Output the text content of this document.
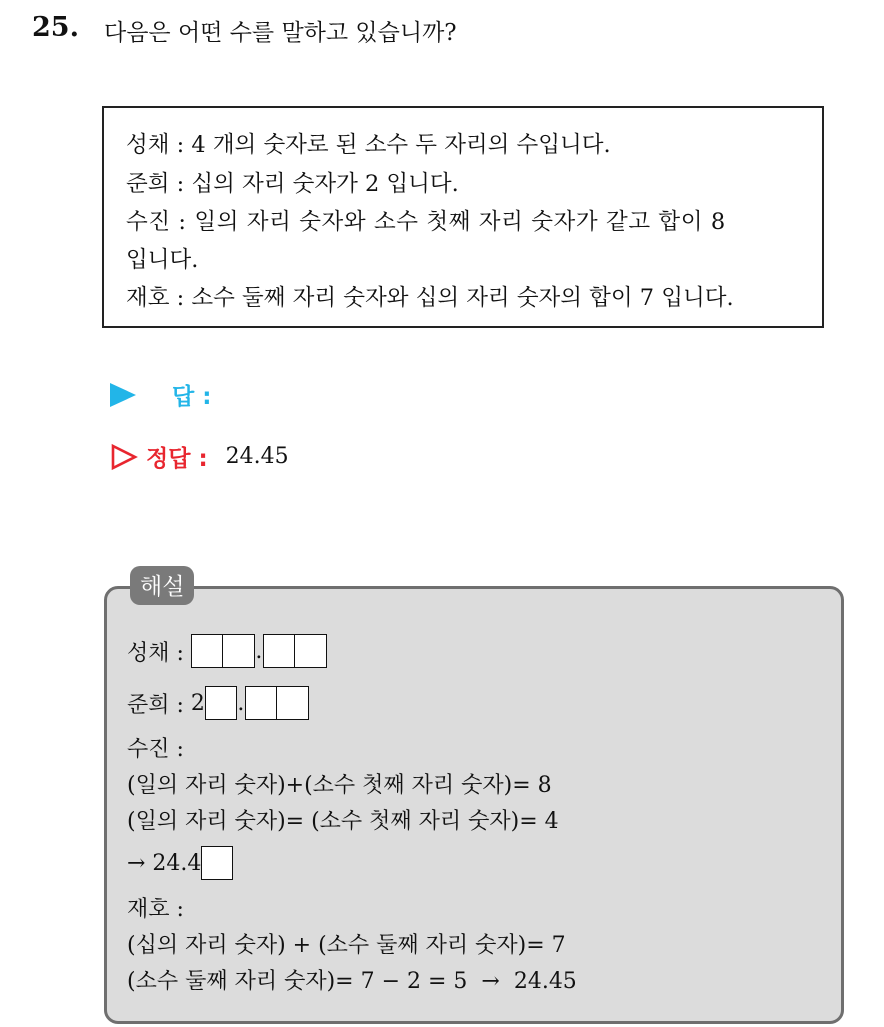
25. 다음은 어떤 수를 말하고 있습니까?

성채 : 4 개의 숫자로 된 소수 두 자리의 수입니다.

준희 : 십의 자리 숫자가 2 입니다.

수진 : 일의 자리 숫자와 소수 첫째 자리 숫자가 같고 합이 8

입니다.

재호 : 소수 둘째 자리 숫자와 십의 자리 숫자의 합이 7 입니다.

답 :
정답 : 24.45
성채 :	.
준희 : 2 .
수진 :
(일의 자리 숫자)+(소수 첫째 자리 숫자)= 8
(일의 자리 숫자)= (소수 첫째 자리 숫자)= 4
→ 24.4
재호 :
(십의 자리 숫자) + (소수 둘째 자리 숫자)= 7
(소수 둘째 자리 숫자)= 7 − 2 = 5  →  24.45
해설
